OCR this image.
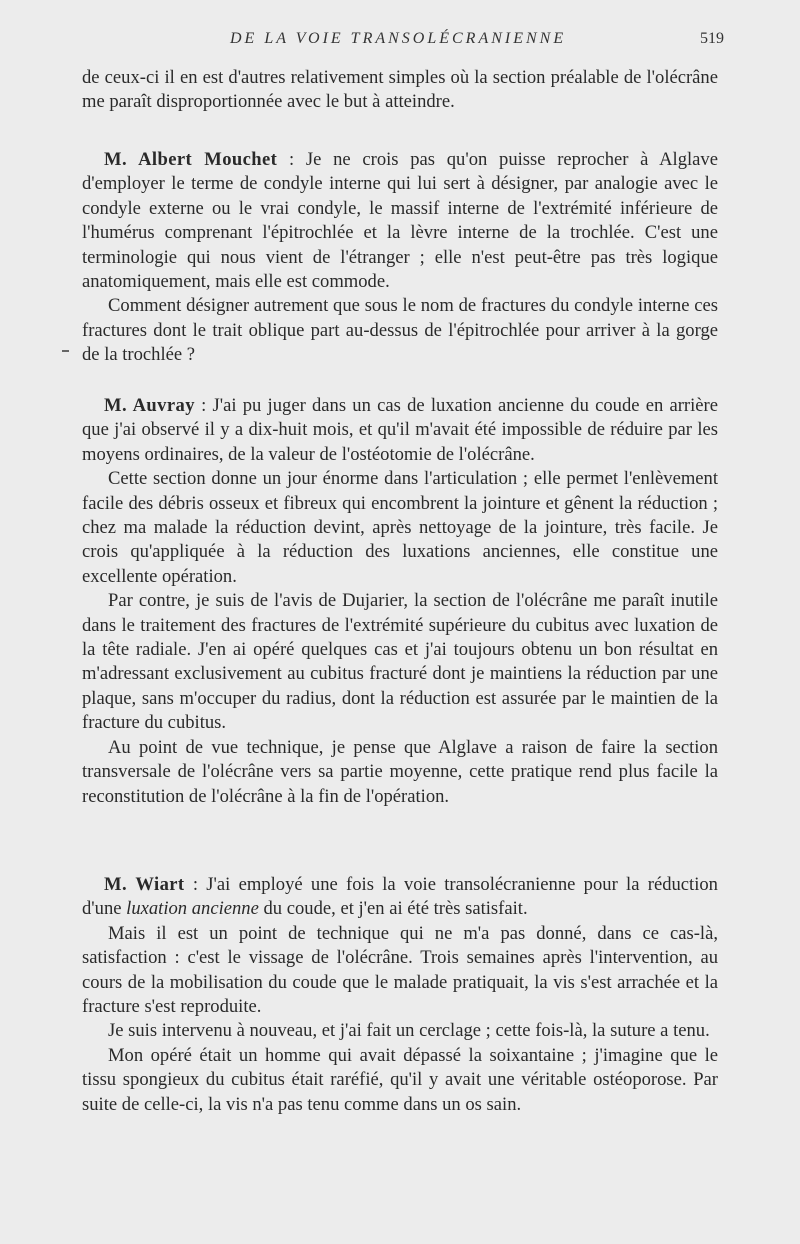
DE LA VOIE TRANSOLÉCRANIENNE	519

de ceux-ci il en est d'autres relativement simples où la section préalable de l'olécrâne me paraît disproportionnée avec le but à atteindre.

M. Albert Mouchet : Je ne crois pas qu'on puisse reprocher à Alglave d'employer le terme de condyle interne qui lui sert à désigner, par analogie avec le condyle externe ou le vrai condyle, le massif interne de l'extrémité inférieure de l'humérus comprenant l'épitrochlée et la lèvre interne de la trochlée. C'est une terminologie qui nous vient de l'étranger ; elle n'est peut-être pas très logique anatomiquement, mais elle est commode.

Comment désigner autrement que sous le nom de fractures du condyle interne ces fractures dont le trait oblique part au-dessus de l'épitrochlée pour arriver à la gorge de la trochlée ?

M. Auvray : J'ai pu juger dans un cas de luxation ancienne du coude en arrière que j'ai observé il y a dix-huit mois, et qu'il m'avait été impossible de réduire par les moyens ordinaires, de la valeur de l'ostéotomie de l'olécrâne.

Cette section donne un jour énorme dans l'articulation ; elle permet l'enlèvement facile des débris osseux et fibreux qui encombrent la jointure et gênent la réduction ; chez ma malade la réduction devint, après nettoyage de la jointure, très facile. Je crois qu'appliquée à la réduction des luxations anciennes, elle constitue une excellente opération.

Par contre, je suis de l'avis de Dujarier, la section de l'olécrâne me paraît inutile dans le traitement des fractures de l'extrémité supérieure du cubitus avec luxation de la tête radiale. J'en ai opéré quelques cas et j'ai toujours obtenu un bon résultat en m'adressant exclusivement au cubitus fracturé dont je maintiens la réduction par une plaque, sans m'occuper du radius, dont la réduction est assurée par le maintien de la fracture du cubitus.

Au point de vue technique, je pense que Alglave a raison de faire la section transversale de l'olécrâne vers sa partie moyenne, cette pratique rend plus facile la reconstitution de l'olécrâne à la fin de l'opération.

M. Wiart : J'ai employé une fois la voie transolécranienne pour la réduction d'une luxation ancienne du coude, et j'en ai été très satisfait.

Mais il est un point de technique qui ne m'a pas donné, dans ce cas-là, satisfaction : c'est le vissage de l'olécrâne. Trois semaines après l'intervention, au cours de la mobilisation du coude que le malade pratiquait, la vis s'est arrachée et la fracture s'est reproduite.

Je suis intervenu à nouveau, et j'ai fait un cerclage ; cette fois-là, la suture a tenu.

Mon opéré était un homme qui avait dépassé la soixantaine ; j'imagine que le tissu spongieux du cubitus était raréfié, qu'il y avait une véritable ostéoporose. Par suite de celle-ci, la vis n'a pas tenu comme dans un os sain.
